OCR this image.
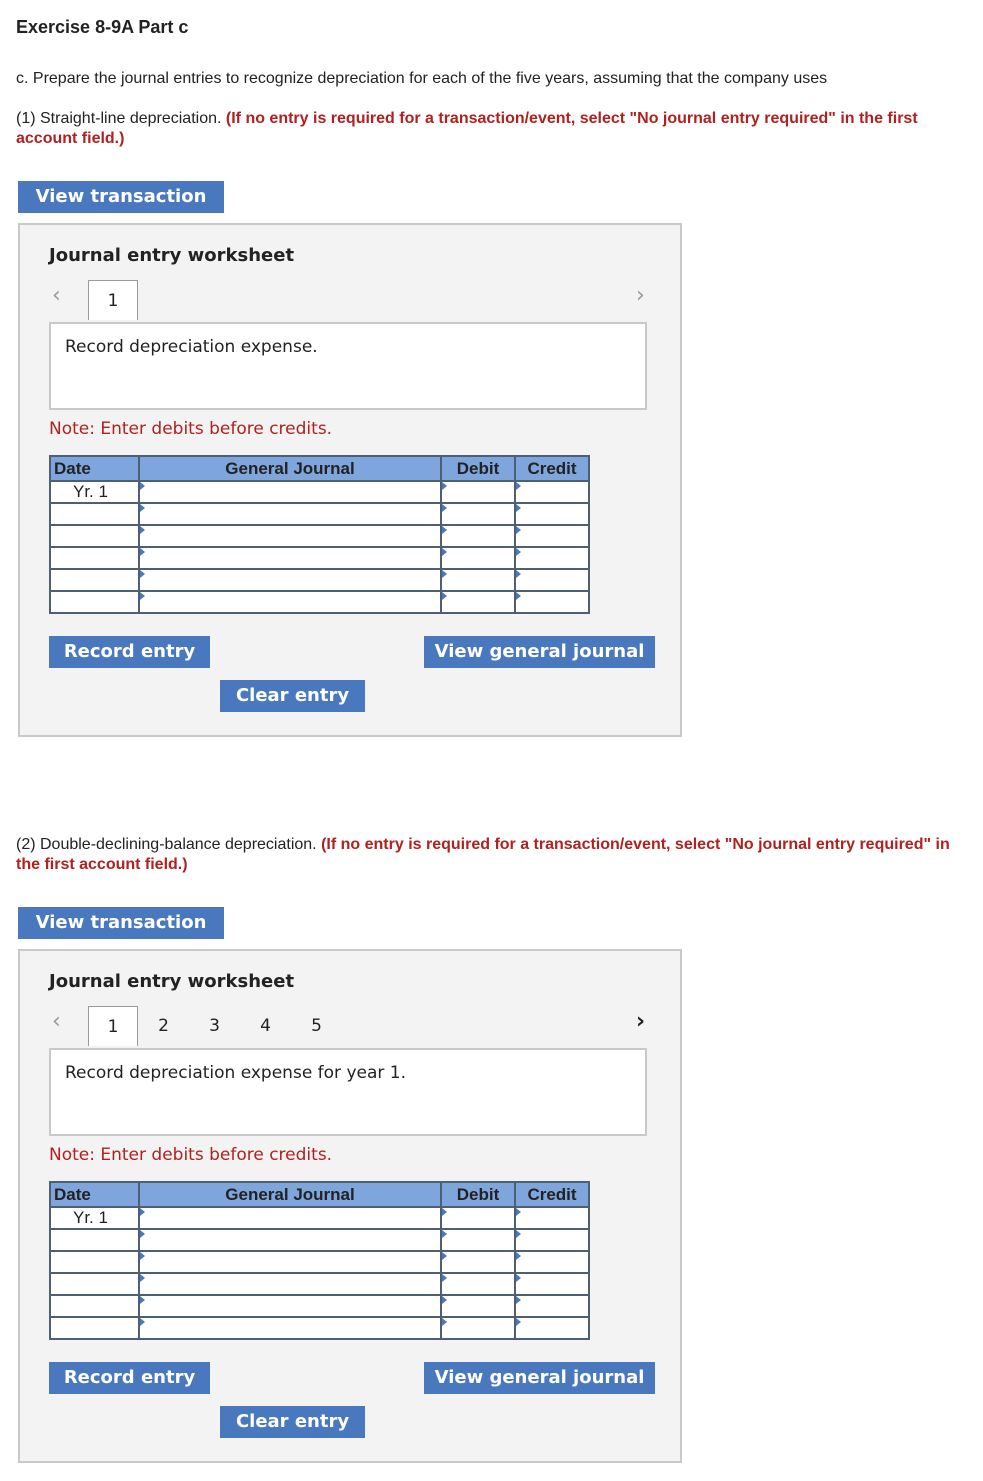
Exercise 8-9A Part c
c. Prepare the journal entries to recognize depreciation for each of the five years, assuming that the company uses
(1) Straight-line depreciation. (If no entry is required for a transaction/event, select "No journal entry required" in the first account field.)
View transaction
Journal entry worksheet
‹	1	›
Record depreciation expense.
Note: Enter debits before credits.
Date	General Journal	Debit	Credit
Yr. 1	

Record entry	View general journal
Clear entry
(2) Double-declining-balance depreciation. (If no entry is required for a transaction/event, select "No journal entry required" in the first account field.)
View transaction
Journal entry worksheet
‹	1	2	3	4	5	›
Record depreciation expense for year 1.
Note: Enter debits before credits.
Date	General Journal	Debit	Credit
Yr. 1	

Record entry	View general journal
Clear entry
